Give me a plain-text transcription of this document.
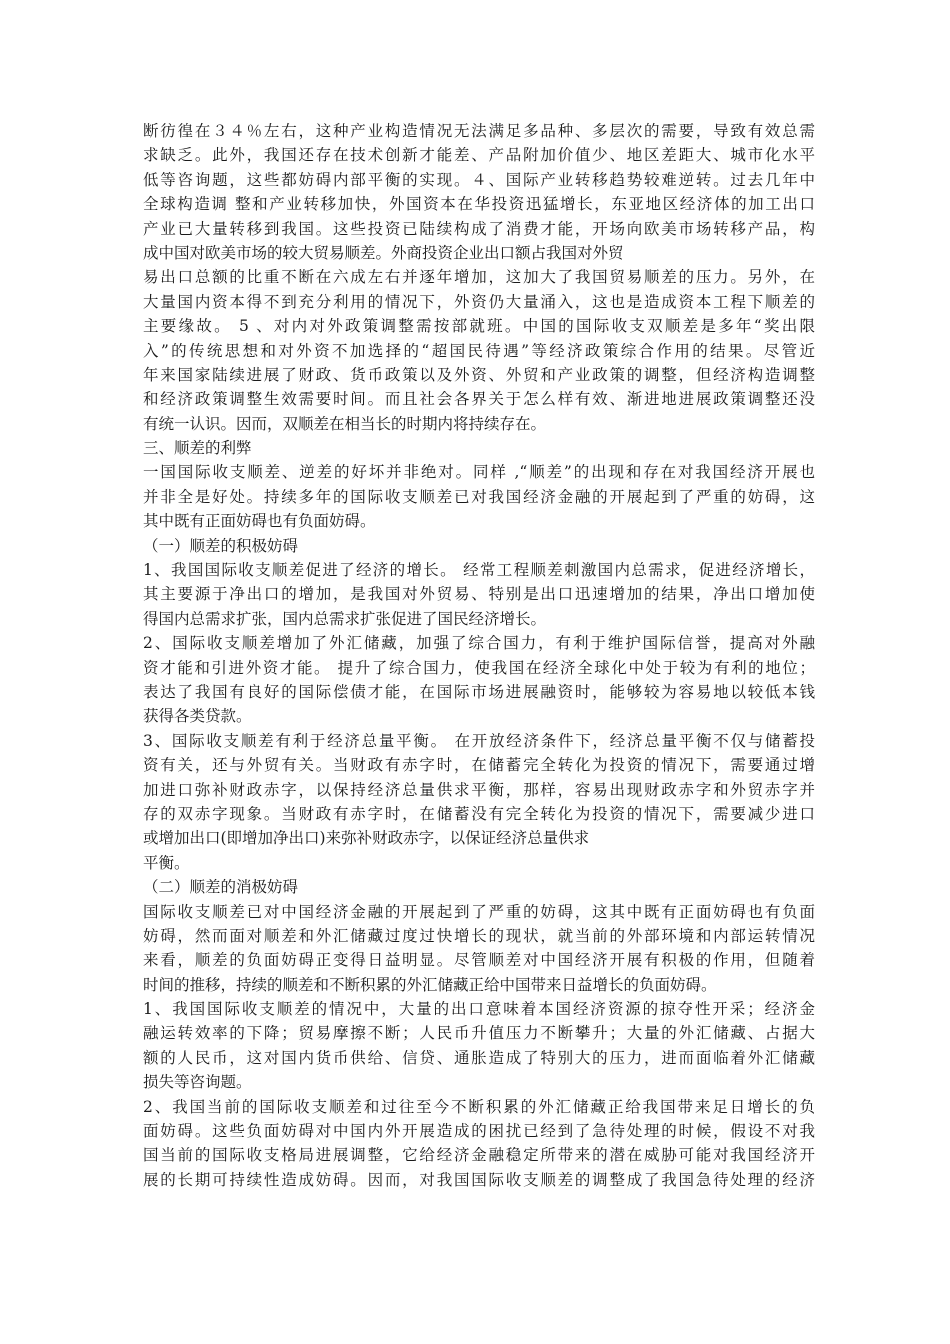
断彷徨在３４％左右，这种产业构造情况无法满足多品种、多层次的需要，导致有效总需
求缺乏。此外，我国还存在技术创新才能差、产品附加价值少、地区差距大、城市化水平
低等咨询题，这些都妨碍内部平衡的实现。４、国际产业转移趋势较难逆转。过去几年中
全球构造调 整和产业转移加快，外国资本在华投资迅猛增长，东亚地区经济体的加工出口
产业已大量转移到我国。这些投资已陆续构成了消费才能，开场向欧美市场转移产品，构
成中国对欧美市场的较大贸易顺差。外商投资企业出口额占我国对外贸
易出口总额的比重不断在六成左右并逐年增加，这加大了我国贸易顺差的压力。另外，在
大量国内资本得不到充分利用的情况下，外资仍大量涌入，这也是造成资本工程下顺差的
主要缘故。 5 、对内对外政策调整需按部就班。中国的国际收支双顺差是多年“奖出限
入”的传统思想和对外资不加选择的“超国民待遇”等经济政策综合作用的结果。尽管近
年来国家陆续进展了财政、货币政策以及外资、外贸和产业政策的调整，但经济构造调整
和经济政策调整生效需要时间。而且社会各界关于怎么样有效、渐进地进展政策调整还没
有统一认识。因而，双顺差在相当长的时期内将持续存在。
三、顺差的利弊
一国国际收支顺差、逆差的好坏并非绝对。同样 ,“顺差”的出现和存在对我国经济开展也
并非全是好处。持续多年的国际收支顺差已对我国经济金融的开展起到了严重的妨碍，这
其中既有正面妨碍也有负面妨碍。
（一）顺差的积极妨碍
1、我国国际收支顺差促进了经济的增长。 经常工程顺差刺激国内总需求，促进经济增长，
其主要源于净出口的增加，是我国对外贸易、特别是出口迅速增加的结果，净出口增加使
得国内总需求扩张，国内总需求扩张促进了国民经济增长。
2、国际收支顺差增加了外汇储藏，加强了综合国力，有利于维护国际信誉，提高对外融
资才能和引进外资才能。 提升了综合国力，使我国在经济全球化中处于较为有利的地位；
表达了我国有良好的国际偿债才能，在国际市场进展融资时，能够较为容易地以较低本钱
获得各类贷款。
3、国际收支顺差有利于经济总量平衡。 在开放经济条件下，经济总量平衡不仅与储蓄投
资有关，还与外贸有关。当财政有赤字时，在储蓄完全转化为投资的情况下，需要通过增
加进口弥补财政赤字，以保持经济总量供求平衡，那样，容易出现财政赤字和外贸赤字并
存的双赤字现象。当财政有赤字时，在储蓄没有完全转化为投资的情况下，需要减少进口
或增加出口(即增加净出口)来弥补财政赤字，以保证经济总量供求
平衡。
（二）顺差的消极妨碍
国际收支顺差已对中国经济金融的开展起到了严重的妨碍，这其中既有正面妨碍也有负面
妨碍，然而面对顺差和外汇储藏过度过快增长的现状，就当前的外部环境和内部运转情况
来看，顺差的负面妨碍正变得日益明显。尽管顺差对中国经济开展有积极的作用，但随着
时间的推移，持续的顺差和不断积累的外汇储藏正给中国带来日益增长的负面妨碍。
1、我国国际收支顺差的情况中，大量的出口意味着本国经济资源的掠夺性开采；经济金
融运转效率的下降；贸易摩擦不断；人民币升值压力不断攀升；大量的外汇储藏、占据大
额的人民币，这对国内货币供给、信贷、通胀造成了特别大的压力，进而面临着外汇储藏
损失等咨询题。
2、我国当前的国际收支顺差和过往至今不断积累的外汇储藏正给我国带来足日增长的负
面妨碍。这些负面妨碍对中国内外开展造成的困扰已经到了急待处理的时候，假设不对我
国当前的国际收支格局进展调整，它给经济金融稳定所带来的潜在威胁可能对我国经济开
展的长期可持续性造成妨碍。因而，对我国国际收支顺差的调整成了我国急待处理的经济
